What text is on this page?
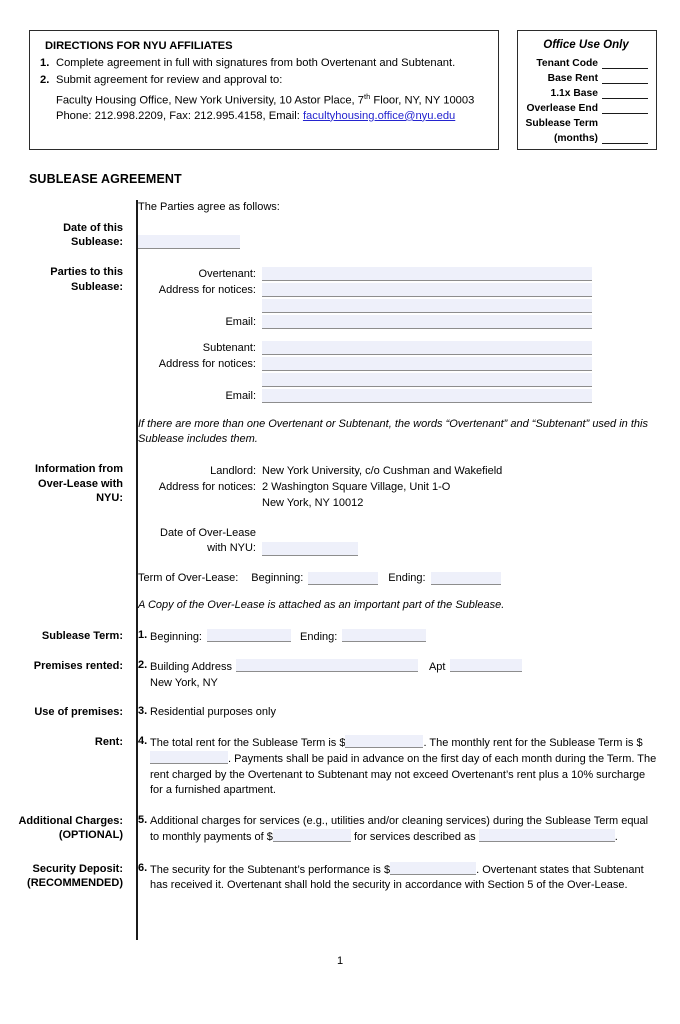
DIRECTIONS FOR NYU AFFILIATES
1. Complete agreement in full with signatures from both Overtenant and Subtenant.
2. Submit agreement for review and approval to:
Faculty Housing Office, New York University, 10 Astor Place, 7th Floor, NY, NY 10003
Phone: 212.998.2209, Fax: 212.995.4158, Email: facultyhousing.office@nyu.edu
Office Use Only
Tenant Code
Base Rent
1.1x Base
Overlease End
Sublease Term
(months)
SUBLEASE AGREEMENT
The Parties agree as follows:
Date of this
Sublease:
Parties to this
Sublease:
Overtenant:
Address for notices:
Email:
Subtenant:
Address for notices:
Email:
If there are more than one Overtenant or Subtenant, the words “Overtenant” and “Subtenant” used in this Sublease includes them.
Information from
Over-Lease with
NYU:
Landlord: New York University, c/o Cushman and Wakefield
Address for notices: 2 Washington Square Village, Unit 1-O
New York, NY 10012
Date of Over-Lease
with NYU:
Term of Over-Lease: Beginning:	Ending:
A Copy of the Over-Lease is attached as an important part of the Sublease.
Sublease Term:	1. Beginning:	Ending:
Premises rented:	2. Building Address	Apt
New York, NY
Use of premises:	3. Residential purposes only
Rent:	4. The total rent for the Sublease Term is $	. The monthly rent for the Sublease Term is $ . Payments shall be paid in advance on the first day of each month during the Term. The rent charged by the Overtenant to Subtenant may not exceed Overtenant’s rent plus a 10% surcharge for a furnished apartment.
Additional Charges:
(OPTIONAL)
5. Additional charges for services (e.g., utilities and/or cleaning services) during the Sublease Term equal to monthly payments of $	for services described as	.
Security Deposit:
(RECOMMENDED)
6. The security for the Subtenant’s performance is $	. Overtenant states that Subtenant has received it. Overtenant shall hold the security in accordance with Section 5 of the Over-Lease.
1
